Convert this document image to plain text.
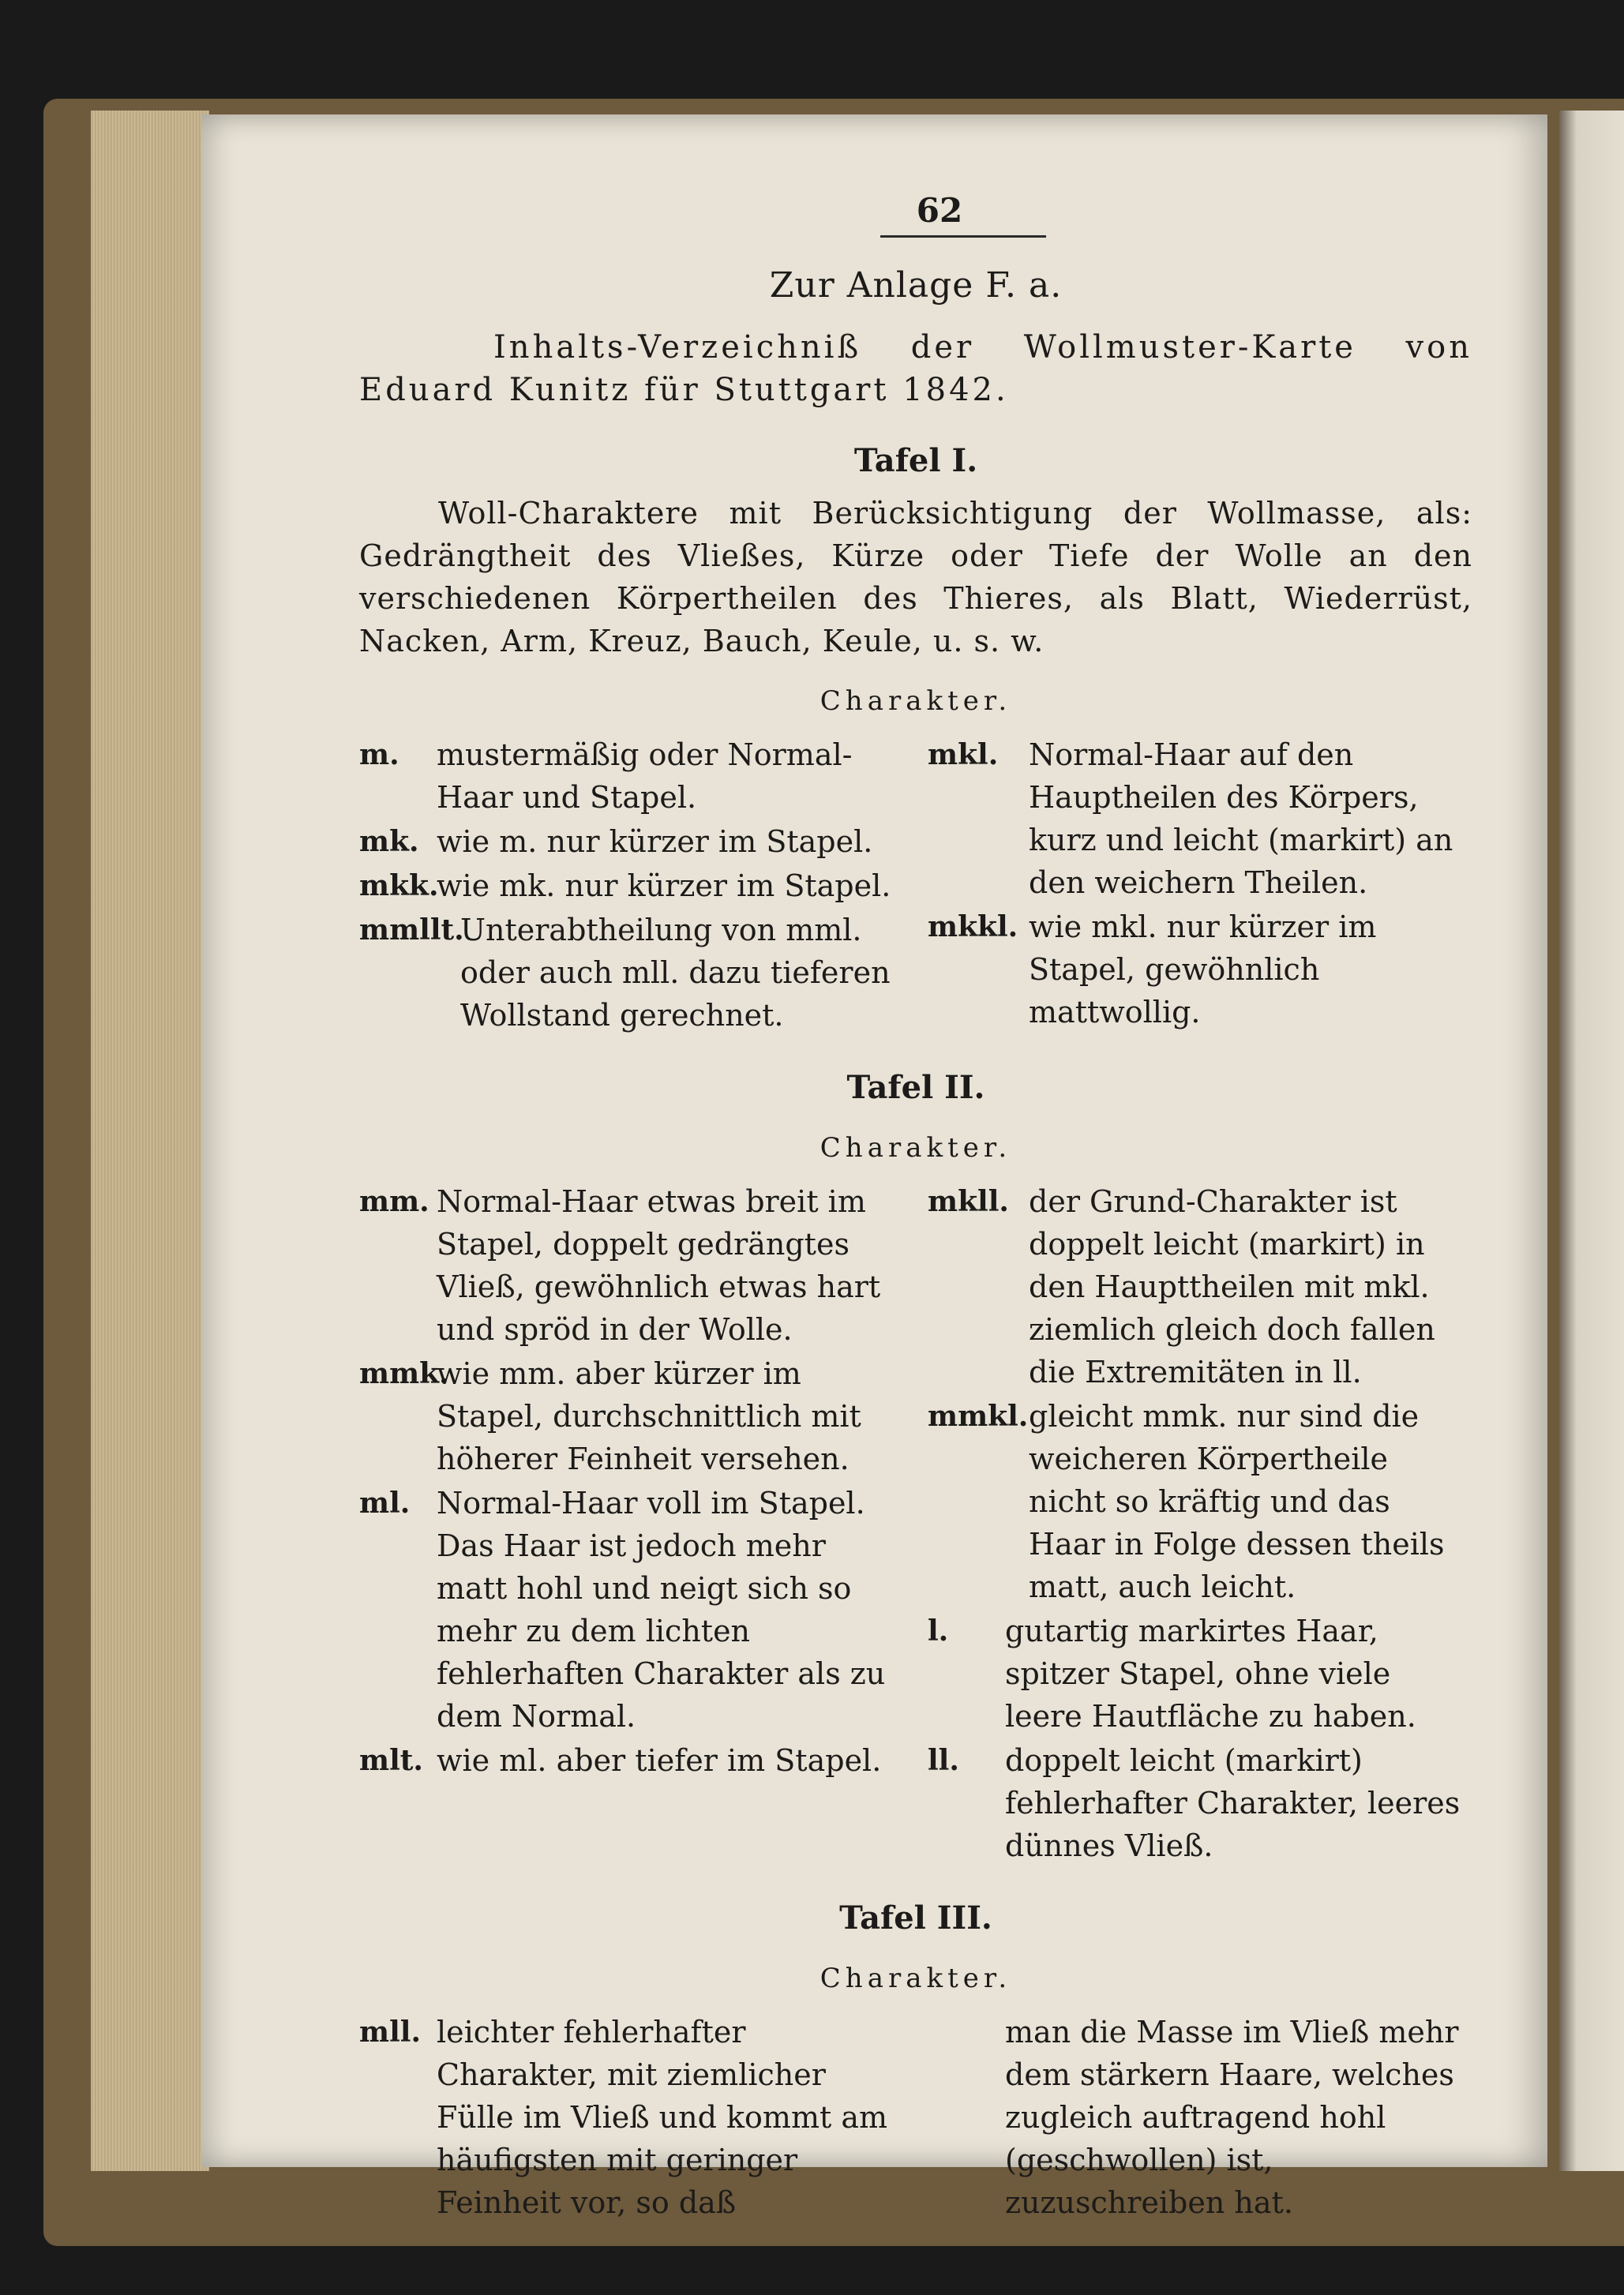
62
Zur Anlage F. a.
Inhalts-Verzeichniß der Wollmuster-Karte von Eduard Kunitz für Stuttgart 1842.
Tafel I.
Woll-Charaktere mit Berücksichtigung der Wollmasse, als: Gedrängtheit des Vließes, Kürze oder Tiefe der Wolle an den verschiedenen Körpertheilen des Thieres, als Blatt, Wiederrüst, Nacken, Arm, Kreuz, Bauch, Keule, u. s. w.
Charakter.
m.	mustermäßig oder Normal-Haar und Stapel.
mk. wie m. nur kürzer im Stapel.
mkk.
wie mk. nur kürzer im Stapel.
mmllt.
Unterabtheilung von mml. oder auch mll. dazu tieferen Wollstand gerechnet.
mkl.	Normal-Haar auf den Hauptheilen des Körpers, kurz und leicht (markirt) an den weichern Theilen.
mkkl. wie mkl. nur kürzer im Stapel, gewöhnlich mattwollig.
Tafel II.
Charakter.
mm. Normal-Haar etwas breit im Stapel, doppelt gedrängtes Vließ, gewöhnlich etwas hart und spröd in der Wolle.
mmk.
wie mm. aber kürzer im Stapel, durchschnittlich mit höherer Feinheit versehen.
ml. Normal-Haar voll im Stapel. Das Haar ist jedoch mehr matt hohl und neigt sich so mehr zu dem lichten fehlerhaften Charakter als zu dem Normal.
mlt. wie ml. aber tiefer im Stapel.
mkll. der Grund-Charakter ist doppelt leicht (markirt) in den Haupttheilen mit mkl. ziemlich gleich doch fallen die Extremitäten in ll.
mmkl. gleicht mmk. nur sind die weicheren Körpertheile nicht so kräftig und das Haar in Folge dessen theils matt, auch leicht.
l.	gutartig markirtes Haar, spitzer Stapel, ohne viele leere Hautfläche zu haben.
ll.	doppelt leicht (markirt) fehlerhafter Charakter, leeres dünnes Vließ.
Tafel III.
Charakter.
mll. leichter fehlerhafter Charakter, mit ziemlicher Fülle im Vließ und kommt am häufigsten mit geringer Feinheit vor, so daß
man die Masse im Vließ mehr dem stärkern Haare, welches zugleich auftragend hohl (geschwollen) ist, zuzuschreiben hat.
